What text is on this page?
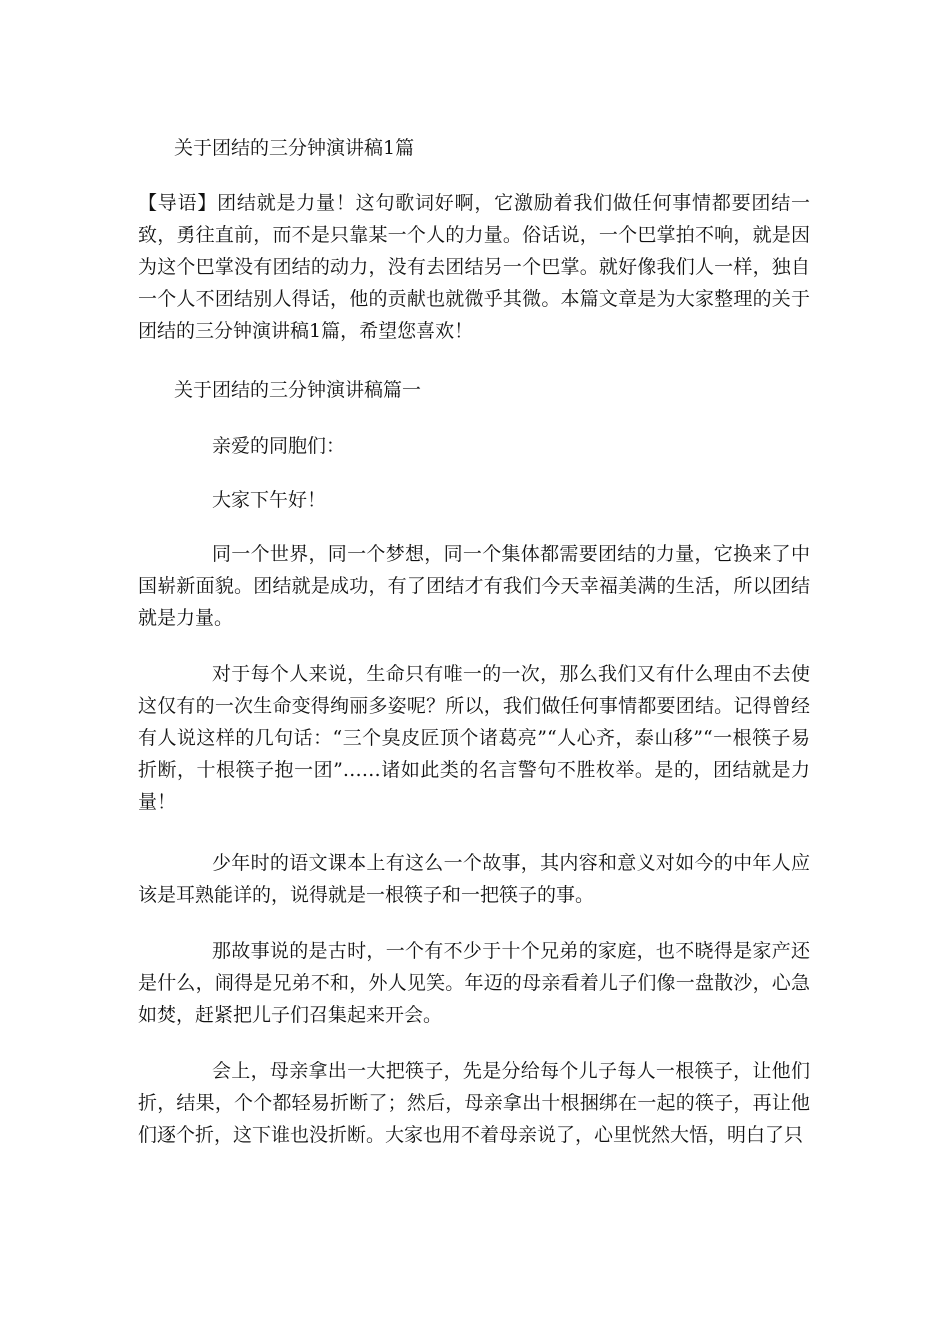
关于团结的三分钟演讲稿1篇

【导语】团结就是力量！这句歌词好啊，它激励着我们做任何事情都要团结一致，勇往直前，而不是只靠某一个人的力量。俗话说，一个巴掌拍不响，就是因为这个巴掌没有团结的动力，没有去团结另一个巴掌。就好像我们人一样，独自一个人不团结别人得话，他的贡献也就微乎其微。本篇文章是为大家整理的关于团结的三分钟演讲稿1篇，希望您喜欢！

关于团结的三分钟演讲稿篇一

亲爱的同胞们：

大家下午好！

同一个世界，同一个梦想，同一个集体都需要团结的力量，它换来了中国崭新面貌。团结就是成功，有了团结才有我们今天幸福美满的生活，所以团结就是力量。

对于每个人来说，生命只有唯一的一次，那么我们又有什么理由不去使这仅有的一次生命变得绚丽多姿呢？所以，我们做任何事情都要团结。记得曾经有人说这样的几句话：“三个臭皮匠顶个诸葛亮”“人心齐，泰山移”“一根筷子易折断，十根筷子抱一团”……诸如此类的名言警句不胜枚举。是的，团结就是力量！

少年时的语文课本上有这么一个故事，其内容和意义对如今的中年人应该是耳熟能详的，说得就是一根筷子和一把筷子的事。

那故事说的是古时，一个有不少于十个兄弟的家庭，也不晓得是家产还是什么，闹得是兄弟不和，外人见笑。年迈的母亲看着儿子们像一盘散沙，心急如焚，赶紧把儿子们召集起来开会。

会上，母亲拿出一大把筷子，先是分给每个儿子每人一根筷子，让他们折，结果，个个都轻易折断了；然后，母亲拿出十根捆绑在一起的筷子，再让他们逐个折，这下谁也没折断。大家也用不着母亲说了，心里恍然大悟，明白了只
